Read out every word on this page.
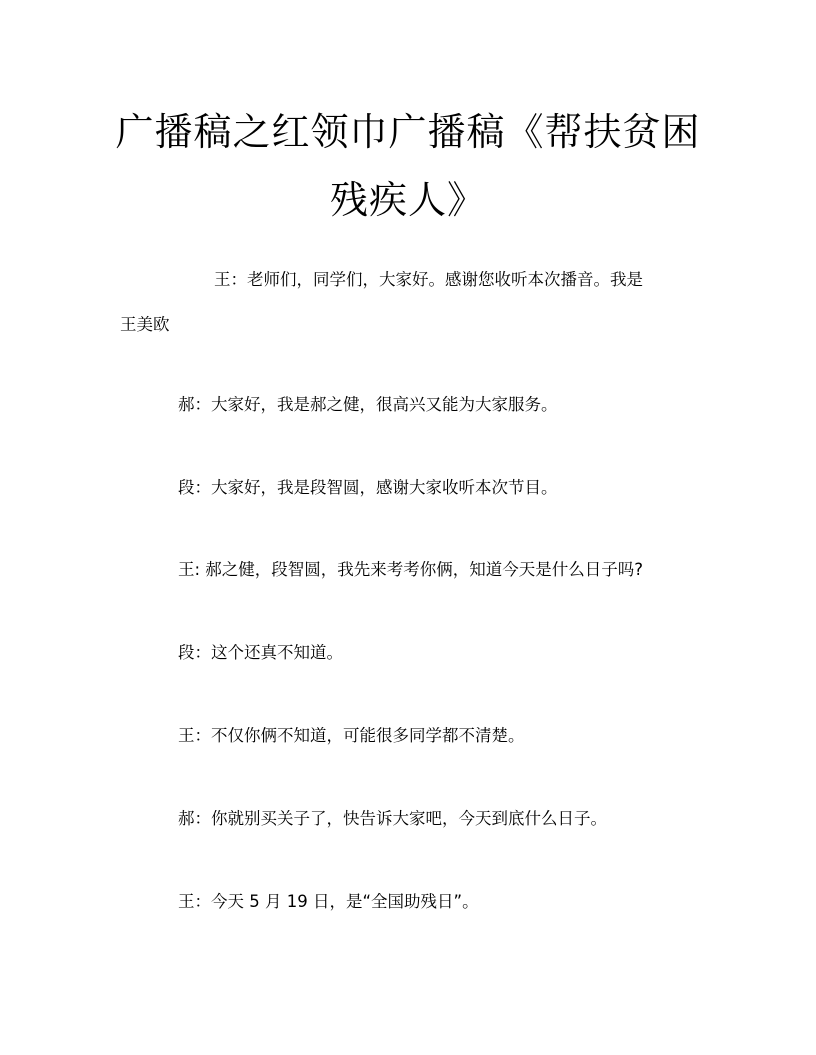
广播稿之红领巾广播稿《帮扶贫困残疾人》

王：老师们，同学们，大家好。感谢您收听本次播音。我是

王美欧

郝：大家好，我是郝之健，很高兴又能为大家服务。

段：大家好，我是段智圆，感谢大家收听本次节目。

王: 郝之健，段智圆，我先来考考你俩，知道今天是什么日子吗?

段：这个还真不知道。

王：不仅你俩不知道，可能很多同学都不清楚。

郝：你就别买关子了，快告诉大家吧，今天到底什么日子。

王：今天 5 月 19 日，是“全国助残日”。
